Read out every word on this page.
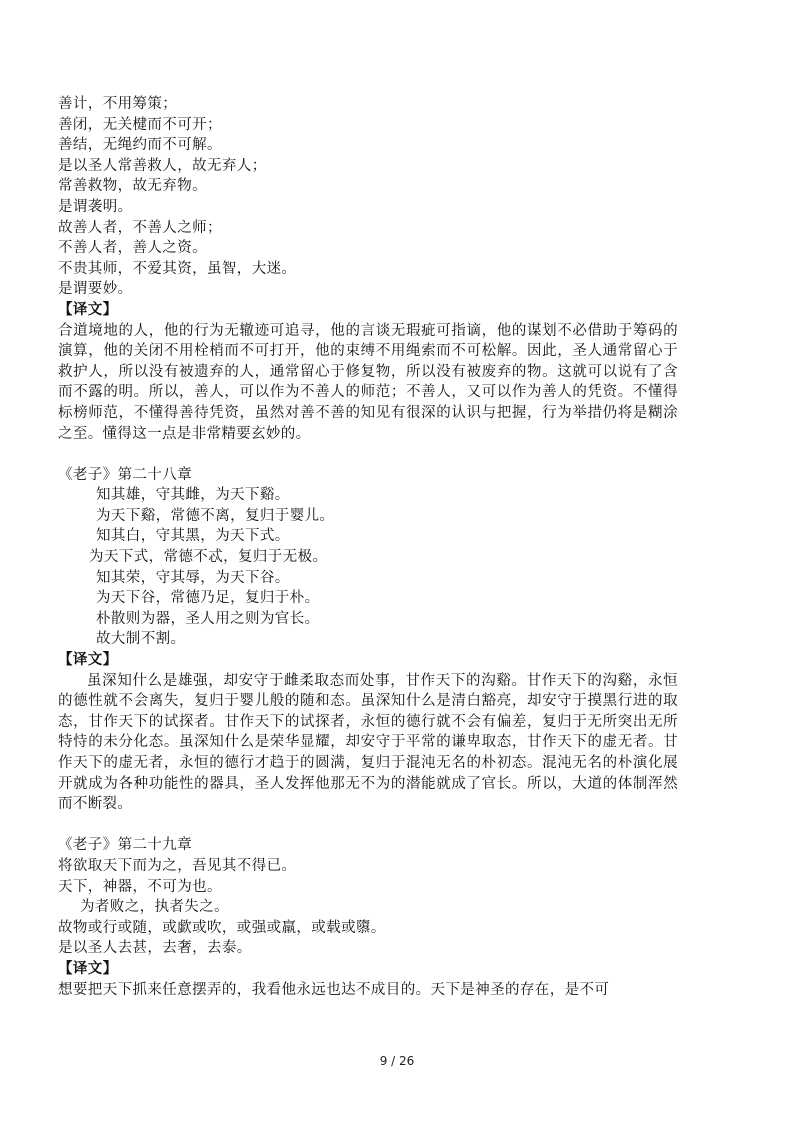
善计，不用筹策；
善闭，无关楗而不可开；
善结，无绳约而不可解。
是以圣人常善救人，故无弃人；
常善救物，故无弃物。
是谓袭明。
故善人者，不善人之师；
不善人者，善人之资。
不贵其师，不爱其资，虽智，大迷。
是谓要妙。
【译文】

合道境地的人，他的行为无辙迹可追寻，他的言谈无瑕疵可指谪，他的谋划不必借助于筹码的演算，他的关闭不用栓梢而不可打开，他的束缚不用绳索而不可松解。因此，圣人通常留心于救护人，所以没有被遗弃的人，通常留心于修复物，所以没有被废弃的物。这就可以说有了含而不露的明。所以，善人，可以作为不善人的师范；不善人，又可以作为善人的凭资。不懂得标榜师范，不懂得善待凭资，虽然对善不善的知见有很深的认识与把握，行为举措仍将是糊涂之至。懂得这一点是非常精要玄妙的。

《老子》第二十八章
知其雄，守其雌，为天下谿。
为天下谿，常德不离，复归于婴儿。
知其白，守其黑，为天下式。
为天下式，常德不忒，复归于无极。
知其荣，守其辱，为天下谷。
为天下谷，常德乃足，复归于朴。
朴散则为器，圣人用之则为官长。
故大制不割。
【译文】

虽深知什么是雄强，却安守于雌柔取态而处事，甘作天下的沟谿。甘作天下的沟谿，永恒的德性就不会离失，复归于婴儿般的随和态。虽深知什么是清白豁亮，却安守于摸黑行进的取态，甘作天下的试探者。甘作天下的试探者，永恒的德行就不会有偏差，复归于无所突出无所特恃的未分化态。虽深知什么是荣华显耀，却安守于平常的谦卑取态，甘作天下的虚无者。甘作天下的虚无者，永恒的德行才趋于的圆满，复归于混沌无名的朴初态。混沌无名的朴演化展开就成为各种功能性的器具，圣人发挥他那无不为的潜能就成了官长。所以，大道的体制浑然而不断裂。

《老子》第二十九章
将欲取天下而为之，吾见其不得已。
天下，神器，不可为也。
为者败之，执者失之。
故物或行或随，或歔或吹，或强或羸，或载或隳。
是以圣人去甚，去奢，去泰。
【译文】
想要把天下抓来任意摆弄的，我看他永远也达不成目的。天下是神圣的存在，是不可
9 / 26
